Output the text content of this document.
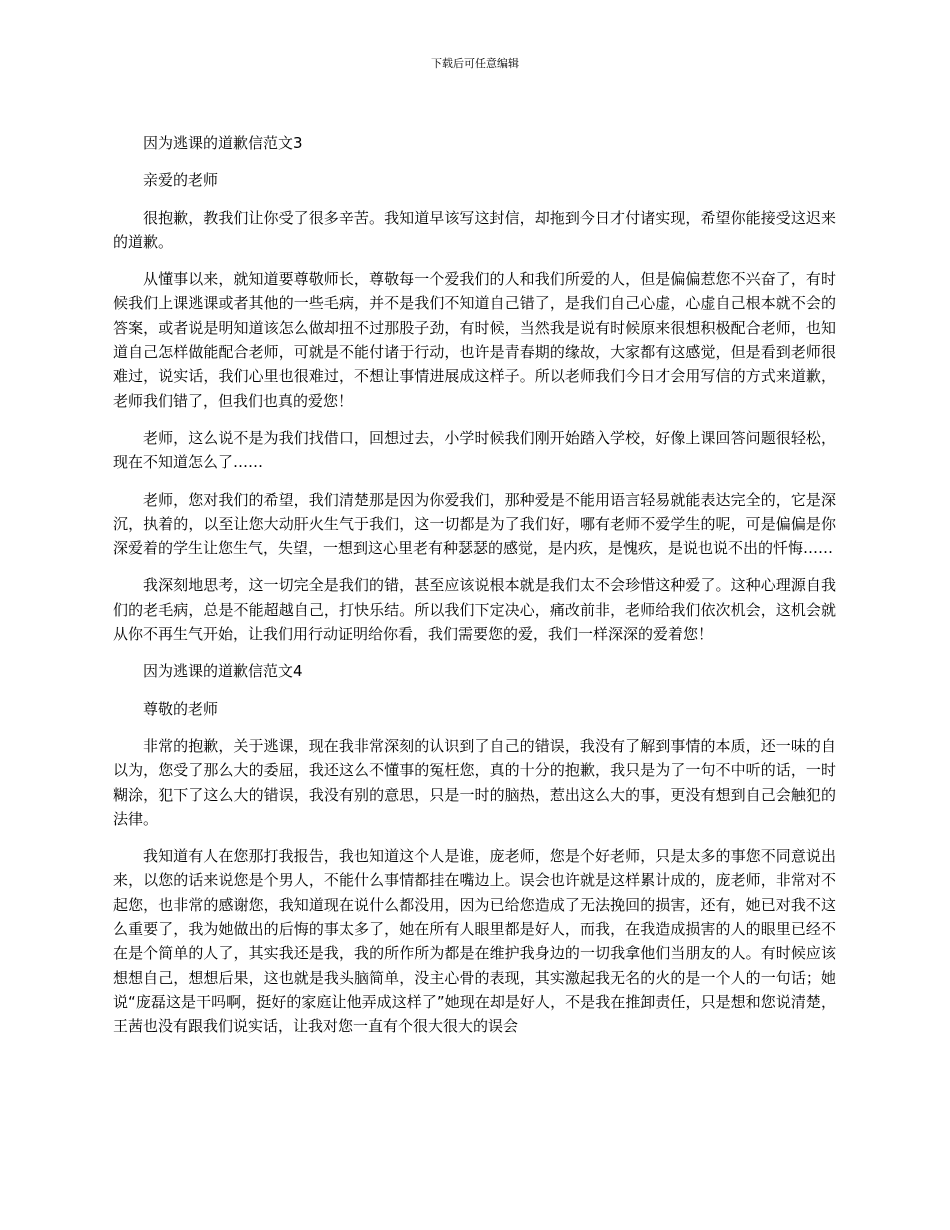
下载后可任意编辑

因为逃课的道歉信范文3

亲爱的老师

很抱歉，教我们让你受了很多辛苦。我知道早该写这封信，却拖到今日才付诸实现，希望你能接受这迟来的道歉。

从懂事以来，就知道要尊敬师长，尊敬每一个爱我们的人和我们所爱的人，但是偏偏惹您不兴奋了，有时候我们上课逃课或者其他的一些毛病，并不是我们不知道自己错了，是我们自己心虚，心虚自己根本就不会的答案，或者说是明知道该怎么做却扭不过那股子劲，有时候，当然我是说有时候原来很想积极配合老师，也知道自己怎样做能配合老师，可就是不能付诸于行动，也许是青春期的缘故，大家都有这感觉，但是看到老师很难过，说实话，我们心里也很难过，不想让事情进展成这样子。所以老师我们今日才会用写信的方式来道歉，老师我们错了，但我们也真的爱您！

老师，这么说不是为我们找借口，回想过去，小学时候我们刚开始踏入学校，好像上课回答问题很轻松，现在不知道怎么了……

老师，您对我们的希望，我们清楚那是因为你爱我们，那种爱是不能用语言轻易就能表达完全的，它是深沉，执着的，以至让您大动肝火生气于我们，这一切都是为了我们好，哪有老师不爱学生的呢，可是偏偏是你深爱着的学生让您生气，失望，一想到这心里老有种瑟瑟的感觉，是内疚，是愧疚，是说也说不出的忏悔……

我深刻地思考，这一切完全是我们的错，甚至应该说根本就是我们太不会珍惜这种爱了。这种心理源自我们的老毛病，总是不能超越自己，打快乐结。所以我们下定决心，痛改前非，老师给我们依次机会，这机会就从你不再生气开始，让我们用行动证明给你看，我们需要您的爱，我们一样深深的爱着您！

因为逃课的道歉信范文4

尊敬的老师

非常的抱歉，关于逃课，现在我非常深刻的认识到了自己的错误，我没有了解到事情的本质，还一味的自以为，您受了那么大的委屈，我还这么不懂事的冤枉您，真的十分的抱歉，我只是为了一句不中听的话，一时糊涂，犯下了这么大的错误，我没有别的意思，只是一时的脑热，惹出这么大的事，更没有想到自己会触犯的法律。

我知道有人在您那打我报告，我也知道这个人是谁，庞老师，您是个好老师，只是太多的事您不同意说出来，以您的话来说您是个男人，不能什么事情都挂在嘴边上。误会也许就是这样累计成的，庞老师，非常对不起您，也非常的感谢您，我知道现在说什么都没用，因为已给您造成了无法挽回的损害，还有，她已对我不这么重要了，我为她做出的后悔的事太多了，她在所有人眼里都是好人，而我，在我造成损害的人的眼里已经不在是个简单的人了，其实我还是我，我的所作所为都是在维护我身边的一切我拿他们当朋友的人。有时候应该想想自己，想想后果，这也就是我头脑简单，没主心骨的表现，其实激起我无名的火的是一个人的一句话；她说“庞磊这是干吗啊，挺好的家庭让他弄成这样了”她现在却是好人，不是我在推卸责任，只是想和您说清楚，王茜也没有跟我们说实话，让我对您一直有个很大很大的误会
